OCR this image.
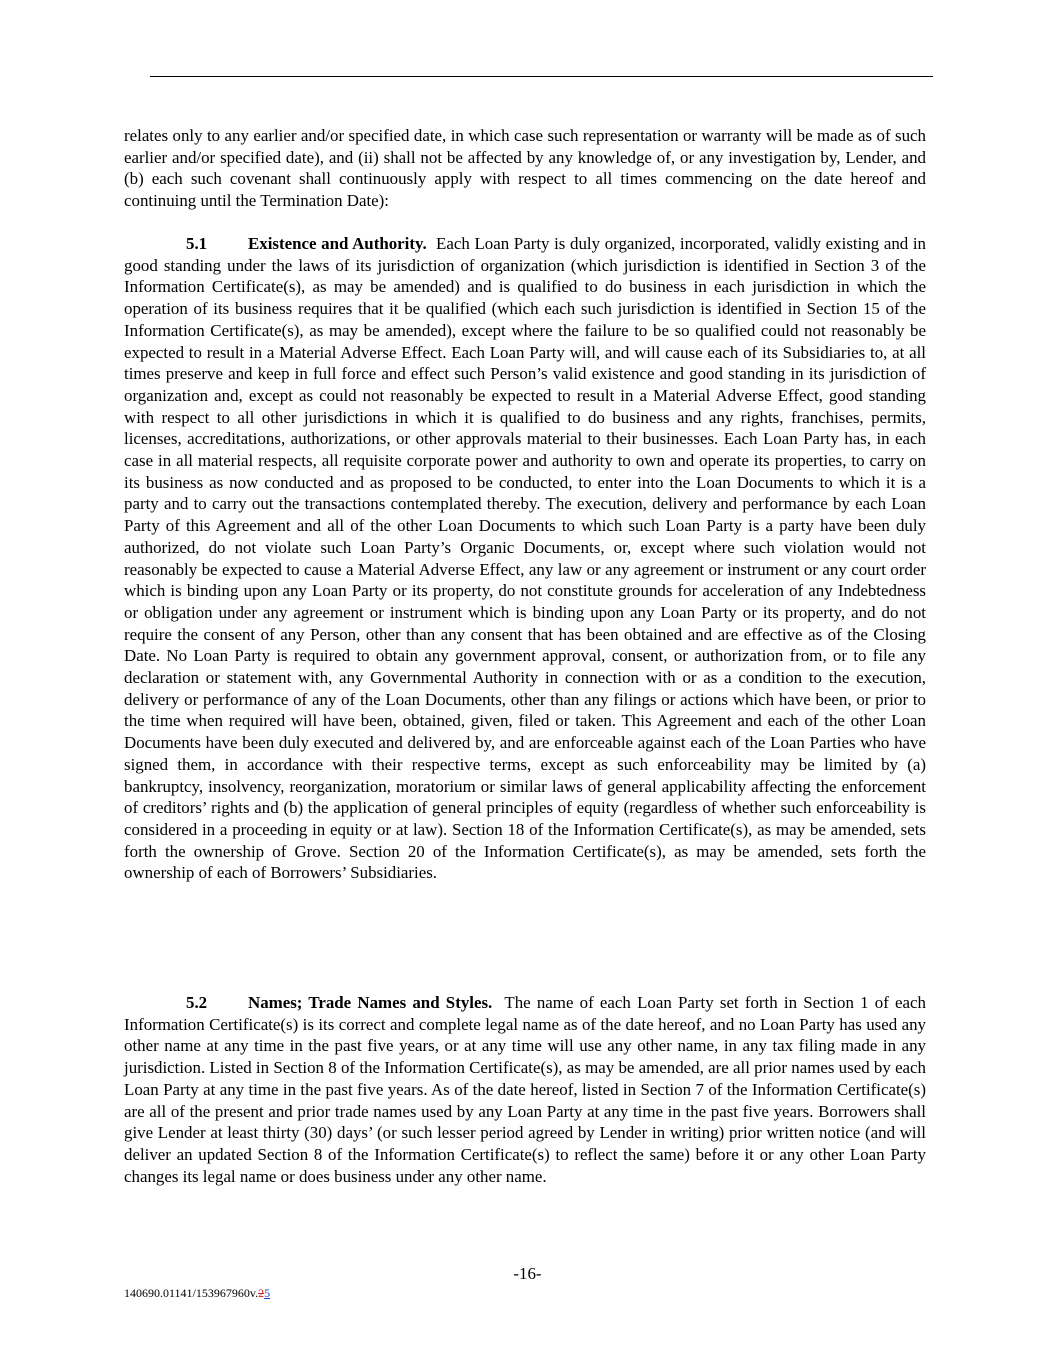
relates only to any earlier and/or specified date, in which case such representation or warranty will be made as of such earlier and/or specified date), and (ii) shall not be affected by any knowledge of, or any investigation by, Lender, and (b) each such covenant shall continuously apply with respect to all times commencing on the date hereof and continuing until the Termination Date):

5.1 Existence and Authority. Each Loan Party is duly organized, incorporated, validly existing and in good standing under the laws of its jurisdiction of organization (which jurisdiction is identified in Section 3 of the Information Certificate(s), as may be amended) and is qualified to do business in each jurisdiction in which the operation of its business requires that it be qualified (which each such jurisdiction is identified in Section 15 of the Information Certificate(s), as may be amended), except where the failure to be so qualified could not reasonably be expected to result in a Material Adverse Effect. Each Loan Party will, and will cause each of its Subsidiaries to, at all times preserve and keep in full force and effect such Person’s valid existence and good standing in its jurisdiction of organization and, except as could not reasonably be expected to result in a Material Adverse Effect, good standing with respect to all other jurisdictions in which it is qualified to do business and any rights, franchises, permits, licenses, accreditations, authorizations, or other approvals material to their businesses. Each Loan Party has, in each case in all material respects, all requisite corporate power and authority to own and operate its properties, to carry on its business as now conducted and as proposed to be conducted, to enter into the Loan Documents to which it is a party and to carry out the transactions contemplated thereby. The execution, delivery and performance by each Loan Party of this Agreement and all of the other Loan Documents to which such Loan Party is a party have been duly authorized, do not violate such Loan Party’s Organic Documents, or, except where such violation would not reasonably be expected to cause a Material Adverse Effect, any law or any agreement or instrument or any court order which is binding upon any Loan Party or its property, do not constitute grounds for acceleration of any Indebtedness or obligation under any agreement or instrument which is binding upon any Loan Party or its property, and do not require the consent of any Person, other than any consent that has been obtained and are effective as of the Closing Date. No Loan Party is required to obtain any government approval, consent, or authorization from, or to file any declaration or statement with, any Governmental Authority in connection with or as a condition to the execution, delivery or performance of any of the Loan Documents, other than any filings or actions which have been, or prior to the time when required will have been, obtained, given, filed or taken. This Agreement and each of the other Loan Documents have been duly executed and delivered by, and are enforceable against each of the Loan Parties who have signed them, in accordance with their respective terms, except as such enforceability may be limited by (a) bankruptcy, insolvency, reorganization, moratorium or similar laws of general applicability affecting the enforcement of creditors’ rights and (b) the application of general principles of equity (regardless of whether such enforceability is considered in a proceeding in equity or at law). Section 18 of the Information Certificate(s), as may be amended, sets forth the ownership of Grove. Section 20 of the Information Certificate(s), as may be amended, sets forth the ownership of each of Borrowers’ Subsidiaries.

5.2 Names; Trade Names and Styles. The name of each Loan Party set forth in Section 1 of each Information Certificate(s) is its correct and complete legal name as of the date hereof, and no Loan Party has used any other name at any time in the past five years, or at any time will use any other name, in any tax filing made in any jurisdiction. Listed in Section 8 of the Information Certificate(s), as may be amended, are all prior names used by each Loan Party at any time in the past five years. As of the date hereof, listed in Section 7 of the Information Certificate(s) are all of the present and prior trade names used by any Loan Party at any time in the past five years. Borrowers shall give Lender at least thirty (30) days’ (or such lesser period agreed by Lender in writing) prior written notice (and will deliver an updated Section 8 of the Information Certificate(s) to reflect the same) before it or any other Loan Party changes its legal name or does business under any other name.

-16-

140690.01141/153967960v.25
